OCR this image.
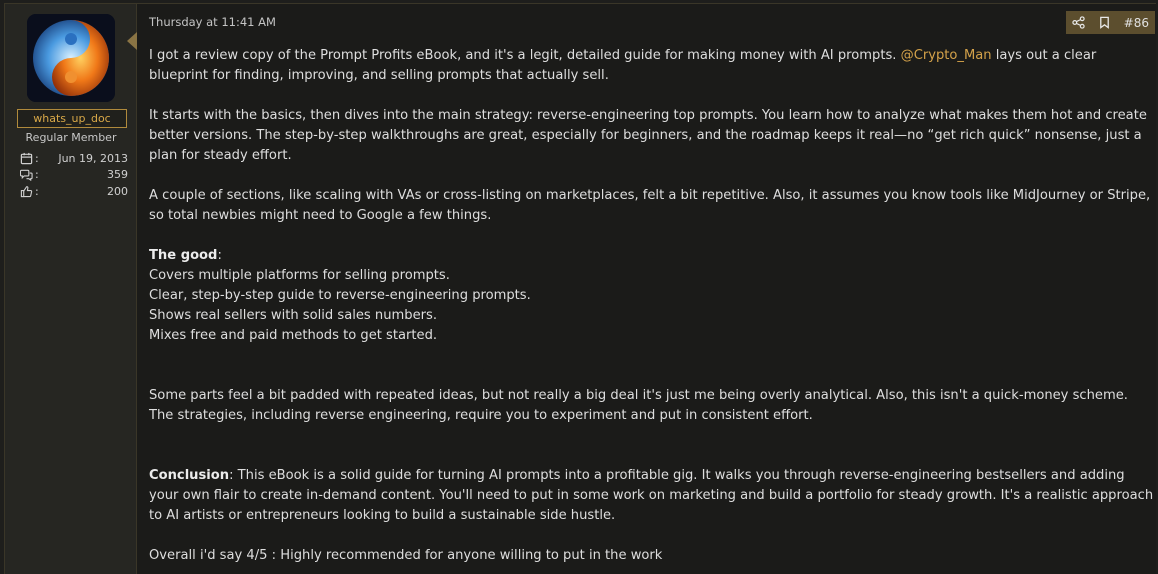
whats_up_doc
Regular Member
: Jun 19, 2013
:	359
:	200
Thursday at 11:41 AM	#86

I got a review copy of the Prompt Profits eBook, and it's a legit, detailed guide for making money with AI prompts. @Crypto_Man lays out a clear blueprint for finding, improving, and selling prompts that actually sell.

It starts with the basics, then dives into the main strategy: reverse-engineering top prompts. You learn how to analyze what makes them hot and create better versions. The step-by-step walkthroughs are great, especially for beginners, and the roadmap keeps it real—no “get rich quick” nonsense, just a plan for steady effort.

A couple of sections, like scaling with VAs or cross-listing on marketplaces, felt a bit repetitive. Also, it assumes you know tools like MidJourney or Stripe, so total newbies might need to Google a few things.

The good:

Covers multiple platforms for selling prompts.

Clear, step-by-step guide to reverse-engineering prompts.

Shows real sellers with solid sales numbers.

Mixes free and paid methods to get started.

Some parts feel a bit padded with repeated ideas, but not really a big deal it's just me being overly analytical. Also, this isn't a quick-money scheme. The strategies, including reverse engineering, require you to experiment and put in consistent effort.

Conclusion: This eBook is a solid guide for turning AI prompts into a profitable gig. It walks you through reverse-engineering bestsellers and adding your own flair to create in-demand content. You'll need to put in some work on marketing and build a portfolio for steady growth. It's a realistic approach to AI artists or entrepreneurs looking to build a sustainable side hustle.

Overall i'd say 4/5 : Highly recommended for anyone willing to put in the work
